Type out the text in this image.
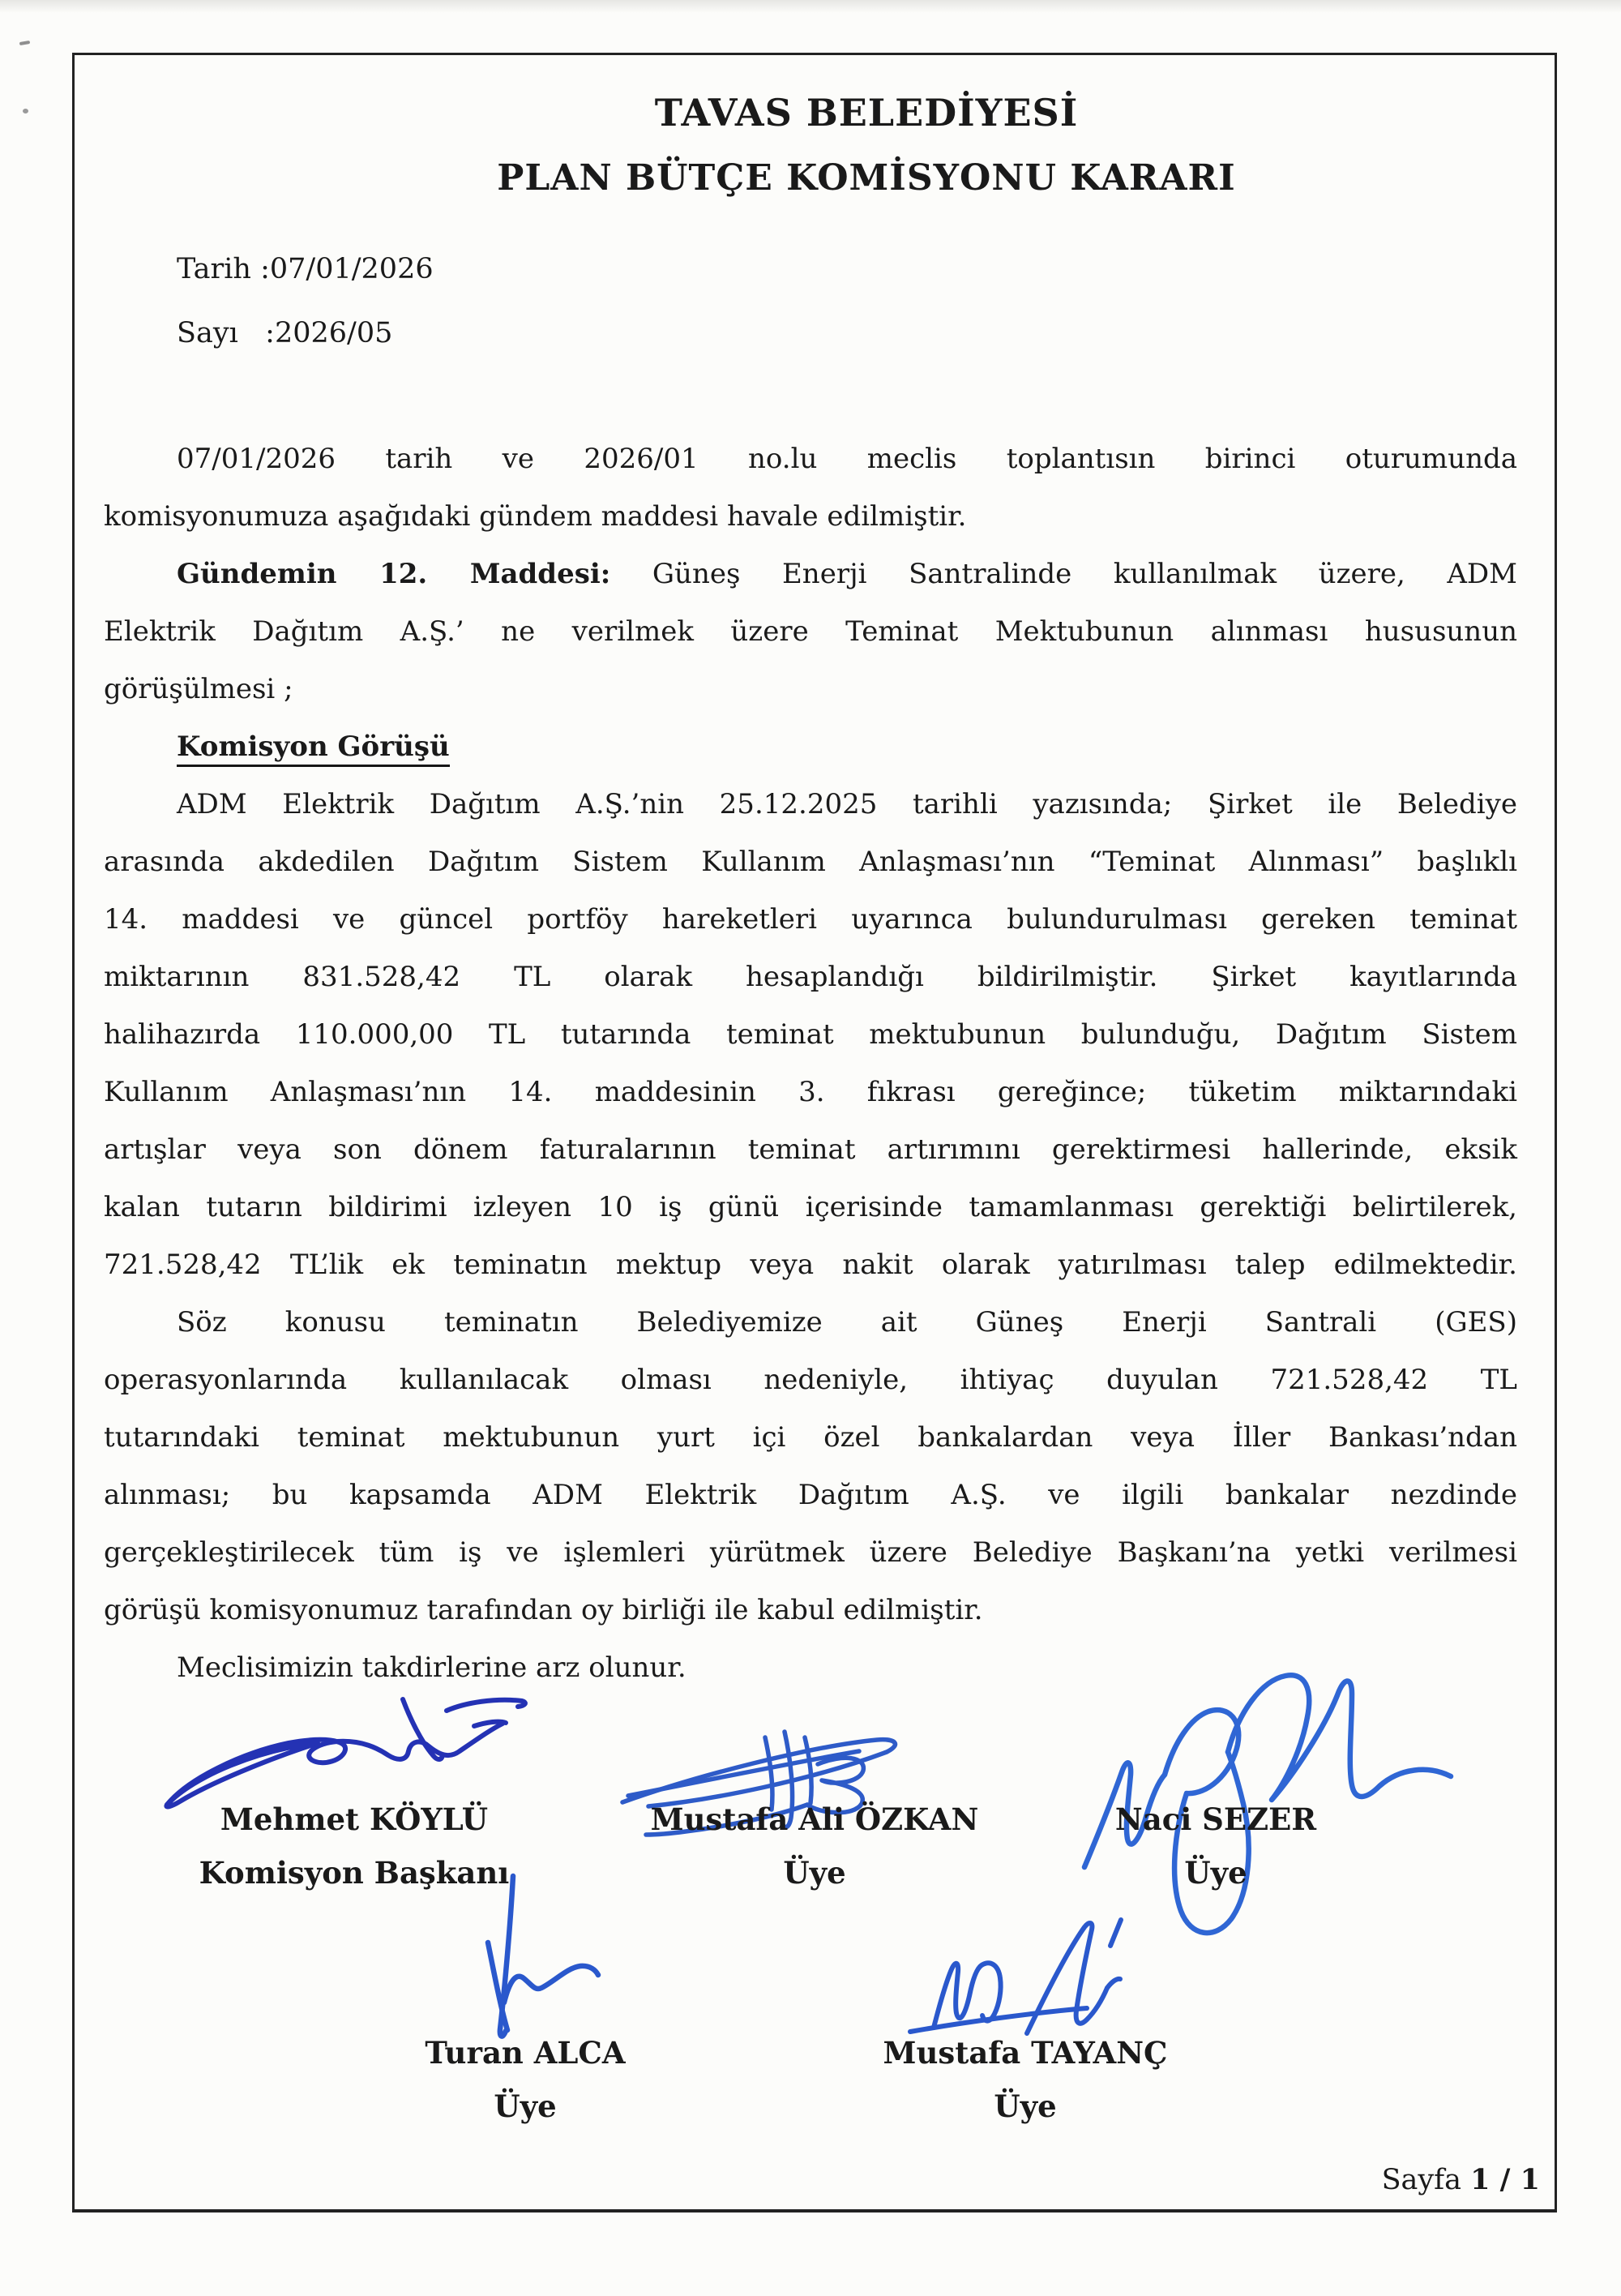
TAVAS BELEDİYESİ
PLAN BÜTÇE KOMİSYONU KARARI
Tarih :07/01/2026
Sayı   :2026/05
07/01/2026 tarih ve 2026/01 no.lu meclis toplantısın birinci oturumunda
komisyonumuza aşağıdaki gündem maddesi havale edilmiştir.
Gündemin 12. Maddesi: Güneş Enerji Santralinde kullanılmak üzere, ADM
Elektrik Dağıtım A.Ş.’ ne verilmek üzere Teminat Mektubunun alınması hususunun
görüşülmesi ;
Komisyon Görüşü
ADM Elektrik Dağıtım A.Ş.’nin 25.12.2025 tarihli yazısında; Şirket ile Belediye
arasında akdedilen Dağıtım Sistem Kullanım Anlaşması’nın “Teminat Alınması” başlıklı
14. maddesi ve güncel portföy hareketleri uyarınca bulundurulması gereken teminat
miktarının 831.528,42 TL olarak hesaplandığı bildirilmiştir. Şirket kayıtlarında
halihazırda 110.000,00 TL tutarında teminat mektubunun bulunduğu, Dağıtım Sistem
Kullanım Anlaşması’nın 14. maddesinin 3. fıkrası gereğince; tüketim miktarındaki
artışlar veya son dönem faturalarının teminat artırımını gerektirmesi hallerinde, eksik
kalan tutarın bildirimi izleyen 10 iş günü içerisinde tamamlanması gerektiği belirtilerek,
721.528,42 TL’lik ek teminatın mektup veya nakit olarak yatırılması talep edilmektedir.
Söz konusu teminatın Belediyemize ait Güneş Enerji Santrali (GES)
operasyonlarında kullanılacak olması nedeniyle, ihtiyaç duyulan 721.528,42 TL
tutarındaki teminat mektubunun yurt içi özel bankalardan veya İller Bankası’ndan
alınması; bu kapsamda ADM Elektrik Dağıtım A.Ş. ve ilgili bankalar nezdinde
gerçekleştirilecek tüm iş ve işlemleri yürütmek üzere Belediye Başkanı’na yetki verilmesi
görüşü komisyonumuz tarafından oy birliği ile kabul edilmiştir.
Meclisimizin takdirlerine arz olunur.
Mehmet KÖYLÜ
Komisyon Başkanı
Mustafa Ali ÖZKAN
Üye
Naci SEZER
Üye
Turan ALCA
Üye
Mustafa TAYANÇ
Üye
Sayfa 1 / 1
